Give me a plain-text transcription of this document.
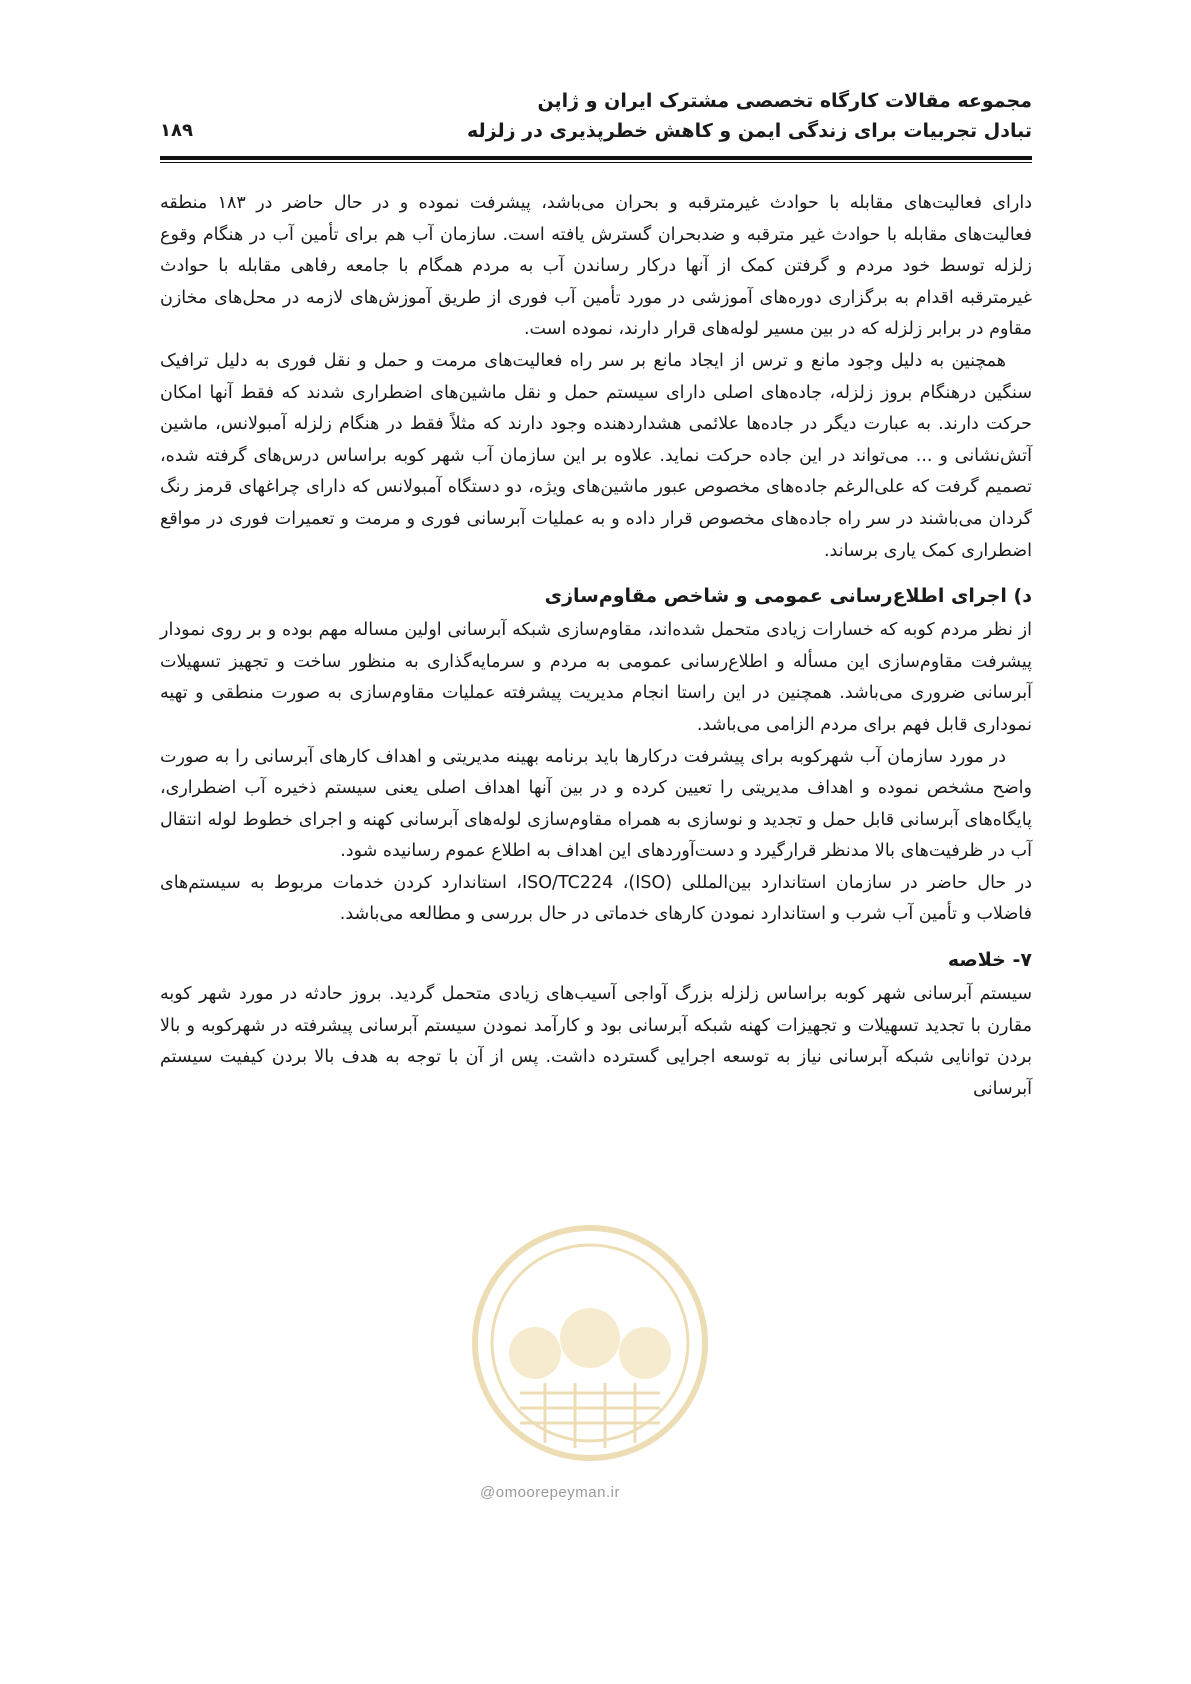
مجموعه مقالات کارگاه تخصصی مشترک ایران و ژاپن
تبادل تجربیات برای زندگی ایمن و کاهش خطرپذیری در زلزله
۱۸۹

دارای فعالیت‌های مقابله با حوادث غیرمترقبه و بحران می‌باشد، پیشرفت نموده و در حال حاضر در ۱۸۳ منطقه فعالیت‌های مقابله با حوادث غیر مترقبه و ضدبحران گسترش یافته است. سازمان آب هم برای تأمین آب در هنگام وقوع زلزله توسط خود مردم و گرفتن کمک از آنها درکار رساندن آب به مردم همگام با جامعه رفاهی مقابله با حوادث غیرمترقبه اقدام به برگزاری دوره‌های آموزشی در مورد تأمین آب فوری از طریق آموزش‌های لازمه در محل‌های مخازن مقاوم در برابر زلزله که در بین مسیر لوله‌های قرار دارند، نموده است.

همچنین به دلیل وجود مانع و ترس از ایجاد مانع بر سر راه فعالیت‌های مرمت و حمل و نقل فوری به دلیل ترافیک سنگین درهنگام بروز زلزله، جاده‌های اصلی دارای سیستم حمل و نقل ماشین‌های اضطراری شدند که فقط آنها امکان حرکت دارند. به عبارت دیگر در جاده‌ها علائمی هشداردهنده وجود دارند که مثلاً فقط در هنگام زلزله آمبولانس، ماشین آتش‌نشانی و ... می‌تواند در این جاده حرکت نماید. علاوه بر این سازمان آب شهر کوبه براساس درس‌های گرفته شده، تصمیم گرفت که علی‌الرغم جاده‌های مخصوص عبور ماشین‌های ویژه، دو دستگاه آمبولانس که دارای چراغهای قرمز رنگ گردان می‌باشند در سر راه جاده‌های مخصوص قرار داده و به عملیات آبرسانی فوری و مرمت و تعمیرات فوری در مواقع اضطراری کمک یاری برساند.

د) اجرای اطلاع‌رسانی عمومی و شاخص مقاوم‌سازی

از نظر مردم کوبه که خسارات زیادی متحمل شده‌اند، مقاوم‌سازی شبکه آبرسانی اولین مساله مهم بوده و بر روی نمودار پیشرفت مقاوم‌سازی این مسأله و اطلاع‌رسانی عمومی به مردم و سرمایه‌گذاری به منظور ساخت و تجهیز تسهیلات آبرسانی ضروری می‌باشد. همچنین در این راستا انجام مدیریت پیشرفته عملیات مقاوم‌سازی به صورت منطقی و تهیه نموداری قابل فهم برای مردم الزامی می‌باشد.

در مورد سازمان آب شهرکوبه برای پیشرفت درکارها باید برنامه بهینه مدیریتی و اهداف کارهای آبرسانی را به صورت واضح مشخص نموده و اهداف مدیریتی را تعیین کرده و در بین آنها اهداف اصلی یعنی سیستم ذخیره آب اضطراری، پایگاه‌های آبرسانی قابل حمل و تجدید و نوسازی به همراه مقاوم‌سازی لوله‌های آبرسانی کهنه و اجرای خطوط لوله انتقال آب در ظرفیت‌های بالا مدنظر قرارگیرد و دست‌آوردهای این اهداف به اطلاع عموم رسانیده شود.

در حال حاضر در سازمان استاندارد بین‌المللی (ISO)، ISO/TC224، استاندارد کردن خدمات مربوط به سیستم‌های فاضلاب و تأمین آب شرب و استاندارد نمودن کارهای خدماتی در حال بررسی و مطالعه می‌باشد.

۷- خلاصه

سیستم آبرسانی شهر کوبه براساس زلزله بزرگ آواجی آسیب‌های زیادی متحمل گردید. بروز حادثه در مورد شهر کوبه مقارن با تجدید تسهیلات و تجهیزات کهنه شبکه آبرسانی بود و کارآمد نمودن سیستم آبرسانی پیشرفته در شهرکوبه و بالا بردن توانایی شبکه آبرسانی نیاز به توسعه اجرایی گسترده داشت. پس از آن با توجه به هدف بالا بردن کیفیت سیستم آبرسانی

@omoorepeyman.ir
